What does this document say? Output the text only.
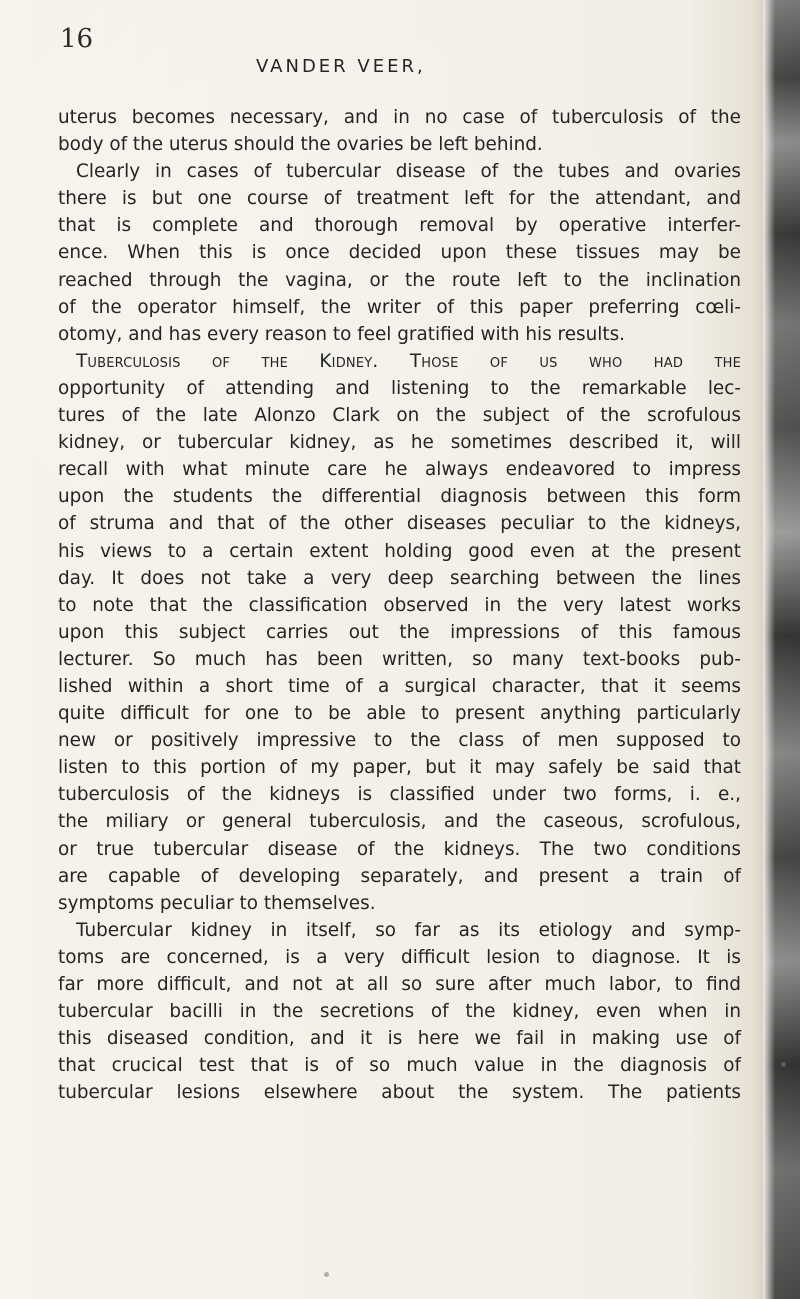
16
VANDER VEER,
uterus becomes necessary, and in no case of tuberculosis of the
body of the uterus should the ovaries be left behind.
Clearly in cases of tubercular disease of the tubes and ovaries
there is but one course of treatment left for the attendant, and
that is complete and thorough removal by operative interfer-
ence. When this is once decided upon these tissues may be
reached through the vagina, or the route left to the inclination
of the operator himself, the writer of this paper preferring cœli-
otomy, and has every reason to feel gratified with his results.
Tuberculosis of the Kidney. Those of us who had the
opportunity of attending and listening to the remarkable lec-
tures of the late Alonzo Clark on the subject of the scrofulous
kidney, or tubercular kidney, as he sometimes described it, will
recall with what minute care he always endeavored to impress
upon the students the differential diagnosis between this form
of struma and that of the other diseases peculiar to the kidneys,
his views to a certain extent holding good even at the present
day. It does not take a very deep searching between the lines
to note that the classification observed in the very latest works
upon this subject carries out the impressions of this famous
lecturer. So much has been written, so many text-books pub-
lished within a short time of a surgical character, that it seems
quite difficult for one to be able to present anything particularly
new or positively impressive to the class of men supposed to
listen to this portion of my paper, but it may safely be said that
tuberculosis of the kidneys is classified under two forms, i. e.,
the miliary or general tuberculosis, and the caseous, scrofulous,
or true tubercular disease of the kidneys. The two conditions
are capable of developing separately, and present a train of
symptoms peculiar to themselves.
Tubercular kidney in itself, so far as its etiology and symp-
toms are concerned, is a very difficult lesion to diagnose. It is
far more difficult, and not at all so sure after much labor, to find
tubercular bacilli in the secretions of the kidney, even when in
this diseased condition, and it is here we fail in making use of
that crucical test that is of so much value in the diagnosis of
tubercular lesions elsewhere about the system. The patients
